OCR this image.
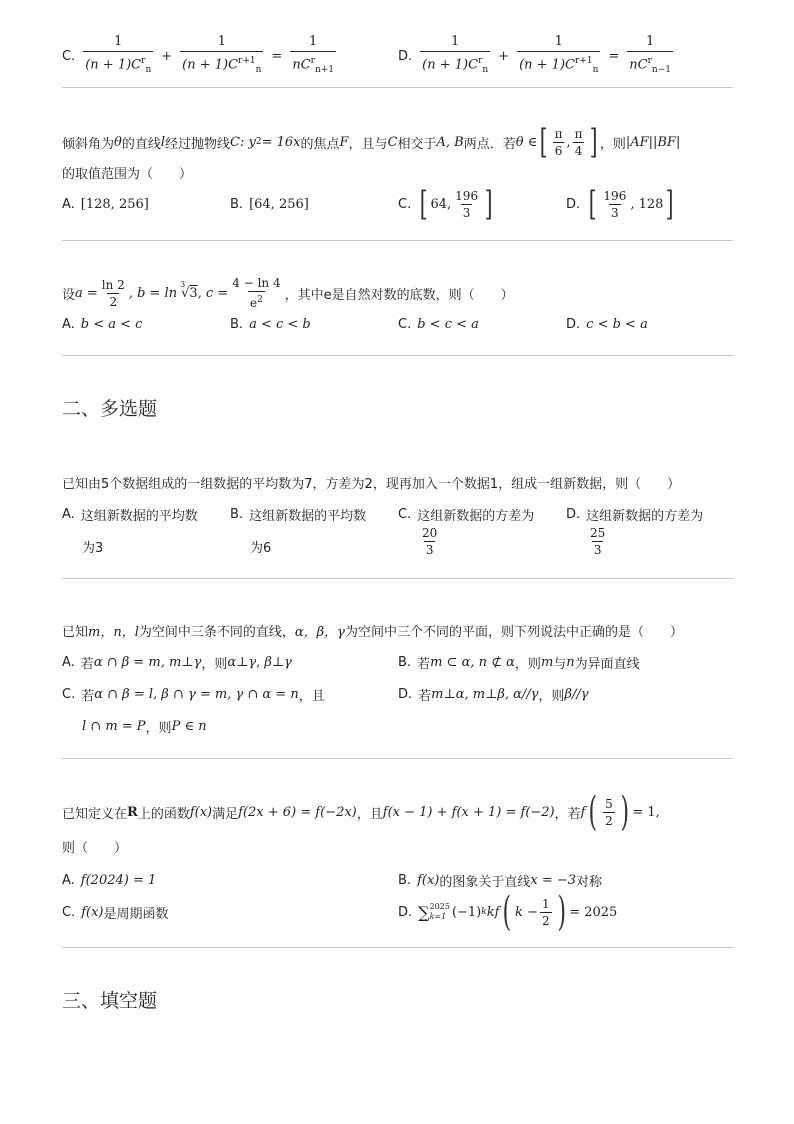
C. $\frac{1}{(n + 1)C^r_n} + \frac{1}{(n + 1)C^{r+1}_n} = \frac{1}{nC^r_{n+1}}$	D. $\frac{1}{(n + 1)C^r_n} + \frac{1}{(n + 1)C^{r+1}_n} = \frac{1}{nC^r_{n-1}}$
倾斜角为 θ 的直线 l 经过抛物线 C : y 2 = 16x 的焦点 F ，且与 C 相交于 A, B 两点．若 θ ∈ [ $\frac{\pi}{6}$ , $\frac{\pi}{4}$ ] ，则 |AF||BF|
的取值范围为（　　）
A. [128, 256]	B. [64, 256]	C. [ 64, $\frac{196}{3}$ ]	D. [ $\frac{196}{3}$ , 128 ]
设 $a = \frac{\ln 2}{2}$ , b = ln
3
√3 , $c = \frac{4 - \ln 4}{e^2}$ ，其中e是自然对数的底数，则（　　）
A. b < a < c	B. a < c < b	C. b < c < a	D. c < b < a
二、多选题
已知由5个数据组成的一组数据的平均数为7，方差为2，现再加入一个数据1，组成一组新数据，则（　　）
A. 这组新数据的平均数
为3
B. 这组新数据的平均数
为6
C. 这组新数据的方差为
$\frac{20}{3}$
D. 这组新数据的方差为
$\frac{25}{3}$
已知 m，n，l 为空间中三条不同的直线， α，β，γ 为空间中三个不同的平面，则下列说法中正确的是（　　）
A. 若 α ∩ β = m, m⊥γ ，则 α⊥γ, β⊥γ	B. 若 m ⊂ α, n ⊄ α ，则 m 与 n 为异面直线
C. 若 α ∩ β = l, β ∩ γ = m, γ ∩ α = n ，且
l ∩ m = P ，则 P ∈ n
D. 若 m⊥α, m⊥β, α//γ ，则 β//γ
已知定义在 R 上的函数 f(x) 满足 f(2x + 6) = f(−2x) ，且 f(x − 1) + f(x + 1) = f(−2) ，若 f ( $\frac{5}{2}$ ) = 1,
则（　　）
A. f(2024) = 1	B. f(x) 的图象关于直线 x = −3 对称
C. f(x) 是周期函数	D. ∑ 2025
k=1 (−1) k kf ( $k - \frac{1}{2}$ ) = 2025
三、填空题
